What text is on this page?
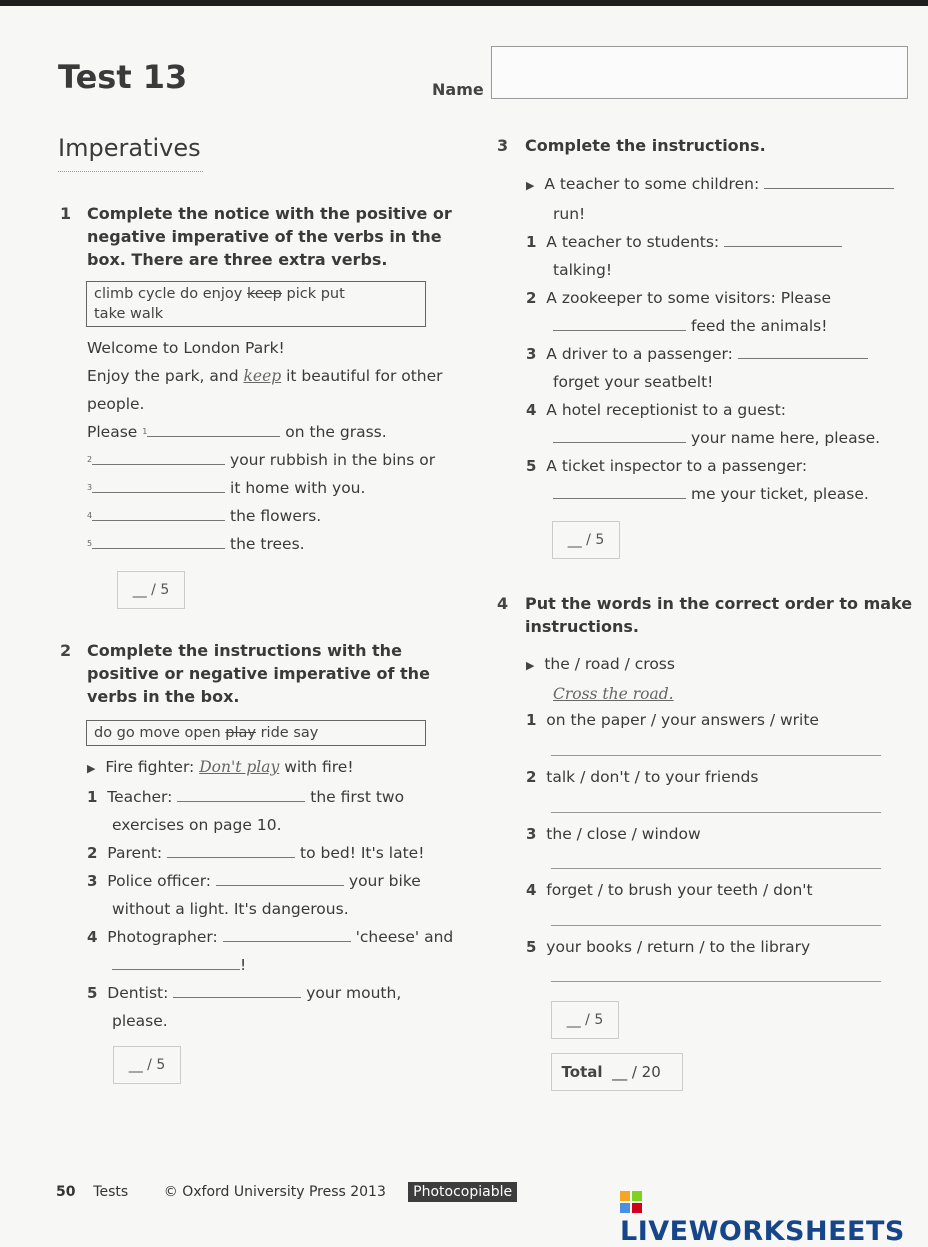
Test 13	Name
Imperatives
1 Complete the notice with the positive or
negative imperative of the verbs in the
box. There are three extra verbs.
climb cycle do enjoy keep pick put
take walk
Welcome to London Park!
Enjoy the park, and keep it beautiful for other
people.
Please $^1$	on the grass.
$^2$	your rubbish in the bins or
$^3$	it home with you.
$^4$	the flowers.
$^5$	the trees.
__ / 5
2 Complete the instructions with the
positive or negative imperative of the
verbs in the box.
do go move open play ride say
▶ Fire fighter: Don't play with fire!
1 Teacher:	the first two
exercises on page 10.
2 Parent:	to bed! It's late!
3 Police officer:	your bike
without a light. It's dangerous.
4 Photographer:	'cheese' and
!
5 Dentist:	your mouth,
please.
__ / 5
3 Complete the instructions.
▶ A teacher to some children:
run!
1 A teacher to students:
talking!
2 A zookeeper to some visitors: Please
feed the animals!
3 A driver to a passenger:
forget your seatbelt!
4 A hotel receptionist to a guest:
your name here, please.
5 A ticket inspector to a passenger:
me your ticket, please.
__ / 5
4 Put the words in the correct order to make
instructions.
▶ the / road / cross
Cross the road.
1 on the paper / your answers / write
2 talk / don't / to your friends
3 the / close / window
4 forget / to brush your teeth / don't
5 your books / return / to the library
__ / 5
Total __ / 20
50 Tests	© Oxford University Press 2013 Photocopiable
LIVEWORKSHEETS
